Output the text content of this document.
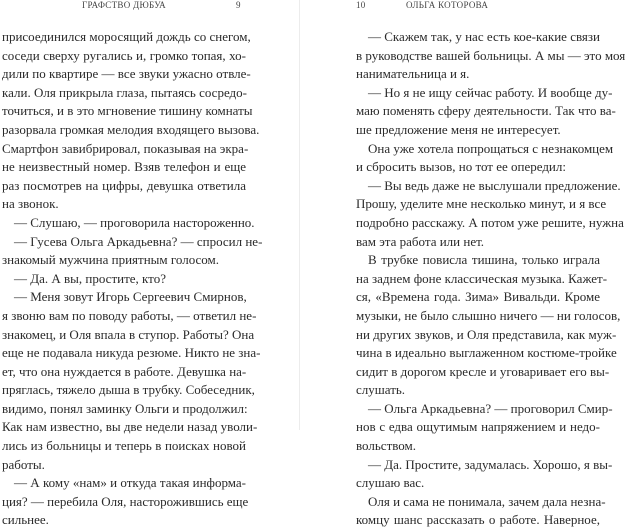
ГРАФСТВО ДЮБУА	9
присоединился моросящий дождь со снегом,
соседи сверху ругались и, громко топая, хо-
дили по квартире — все звуки ужасно отвле-
кали. Оля прикрыла глаза, пытаясь сосредо-
точиться, и в это мгновение тишину комнаты
разорвала громкая мелодия входящего вызова.
Смартфон завибрировал, показывая на экра-
не неизвестный номер. Взяв телефон и еще
раз посмотрев на цифры, девушка ответила
на звонок.
— Слушаю, — проговорила настороженно.
— Гусева Ольга Аркадьевна? — спросил не-
знакомый мужчина приятным голосом.
— Да. А вы, простите, кто?
— Меня зовут Игорь Сергеевич Смирнов,
я звоню вам по поводу работы, — ответил не-
знакомец, и Оля впала в ступор. Работы? Она
еще не подавала никуда резюме. Никто не зна-
ет, что она нуждается в работе. Девушка на-
пряглась, тяжело дыша в трубку. Собеседник,
видимо, понял заминку Ольги и продолжил:
Как нам известно, вы две недели назад уволи-
лись из больницы и теперь в поисках новой
работы.
— А кому «нам» и откуда такая информа-
ция? — перебила Оля, насторожившись еще
сильнее.
10	ОЛЬГА КОТОРОВА
— Скажем так, у нас есть кое-какие связи
в руководстве вашей больницы. А мы — это моя
нанимательница и я.
— Но я не ищу сейчас работу. И вообще ду-
маю поменять сферу деятельности. Так что ва-
ше предложение меня не интересует.
Она уже хотела попрощаться с незнакомцем
и сбросить вызов, но тот ее опередил:
— Вы ведь даже не выслушали предложение.
Прошу, уделите мне несколько минут, и я все
подробно расскажу. А потом уже решите, нужна
вам эта работа или нет.
В трубке повисла тишина, только играла
на заднем фоне классическая музыка. Кажет-
ся, «Времена года. Зима» Вивальди. Кроме
музыки, не было слышно ничего — ни голосов,
ни других звуков, и Оля представила, как муж-
чина в идеально выглаженном костюме-тройке
сидит в дорогом кресле и уговаривает его вы-
слушать.
— Ольга Аркадьевна? — проговорил Смир-
нов с едва ощутимым напряжением и недо-
вольством.
— Да. Простите, задумалась. Хорошо, я вы-
слушаю вас.
Оля и сама не понимала, зачем дала незна-
комцу шанс рассказать о работе. Наверное,
